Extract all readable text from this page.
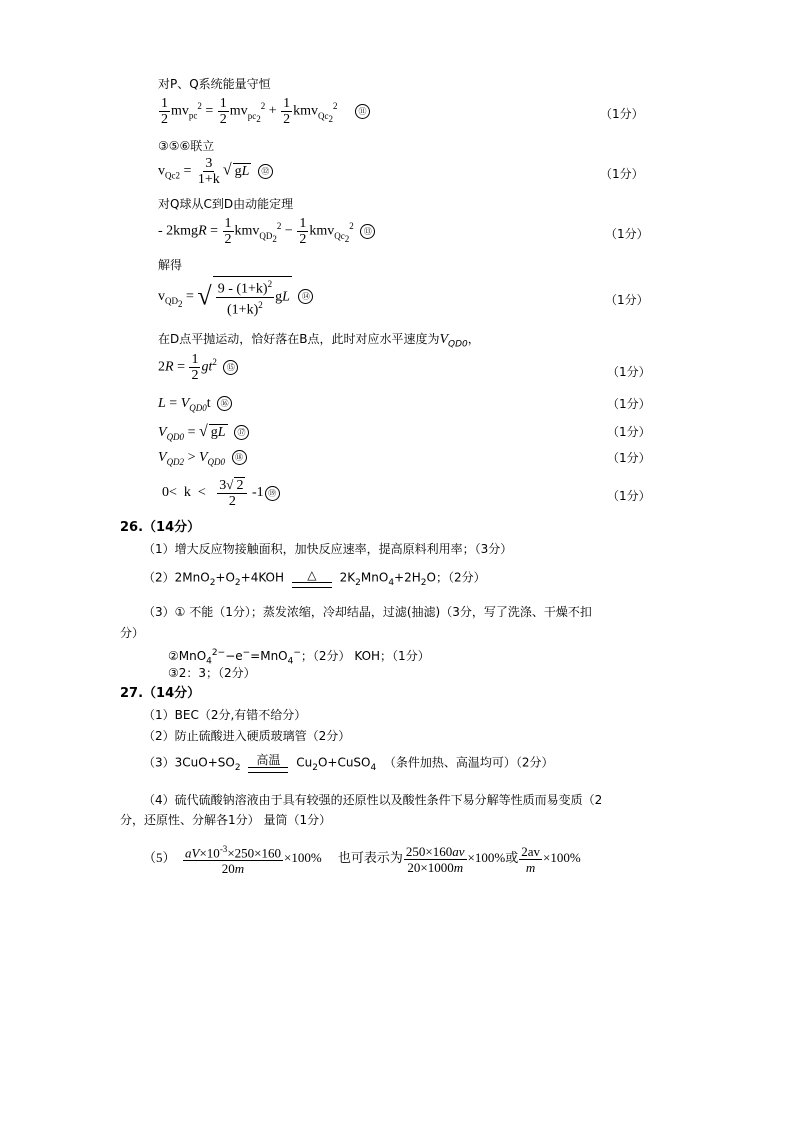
对P、Q系统能量守恒
$\frac{1}{2} mv_{pc}^2 = \frac{1}{2} mv_{pc_2}^2 + \frac{1}{2} kmv_{Qc_2}^2$ ⑪	（1分）
③⑤⑥联立
$v_{Qc2} = \frac{3}{1+k}$ √ gL ⑫	（1分）
对Q球从C到D由动能定理
- 2kmgR = $\frac{1}{2} kmv_{QD_2}^2 - \frac{1}{2} kmv_{Qc_2}^2$ ⑬	（1分）
解得
$v_{QD_2}$ = √ $\frac{9 - (1+k)^2}{(1+k)^2}$ gL ⑭	（1分）
在D点平抛运动，恰好落在B点，此时对应水平速度为$V_{QD0}$，
$2R = \frac{1}{2} gt^2$ ⑮	（1分）
$L = V_{QD0}t$ ⑯	（1分）
$V_{QD0}$ = √ gL ⑰	（1分）
$V_{QD2} > V_{QD0}$ ⑱	（1分）
$0< k < \frac{3√ 2}{2} -1$ ⑲	（1分）
26.（14分）
（1）增大反应物接触面积，加快反应速率，提高原料利用率；（3分）
$(2)2MnO_2+O_2+4KOH$ △ $2K_2MnO_4+2H_2O$；（2分）
（3）① 不能（1分）；蒸发浓缩，冷却结晶，过滤(抽滤)（3分，写了洗涤、干燥不扣
分）
②MnO$_4^{2-}$−e−=MnO$_4$−；（2分） KOH；（1分）
③2：3；（2分）
27.（14分）
（1）BEC（2分,有错不给分）
（2）防止硫酸进入硬质玻璃管（2分）
$(3)3CuO+SO_2$
高温 $Cu_2O+CuSO_4$ （条件加热、高温均可）（2分）
（4）硫代硫酸钠溶液由于具有较强的还原性以及酸性条件下易分解等性质而易变质（2
分，还原性、分解各1分） 量筒（1分）
$(5) \frac{aV\times 10^{-3}\times 250\times 160}{20m} \times 100\%$     也可表示为 $\frac{250\times 160av}{20\times 1000m} \times 100\%$或 $\frac{2av}{m} \times 100\%$
